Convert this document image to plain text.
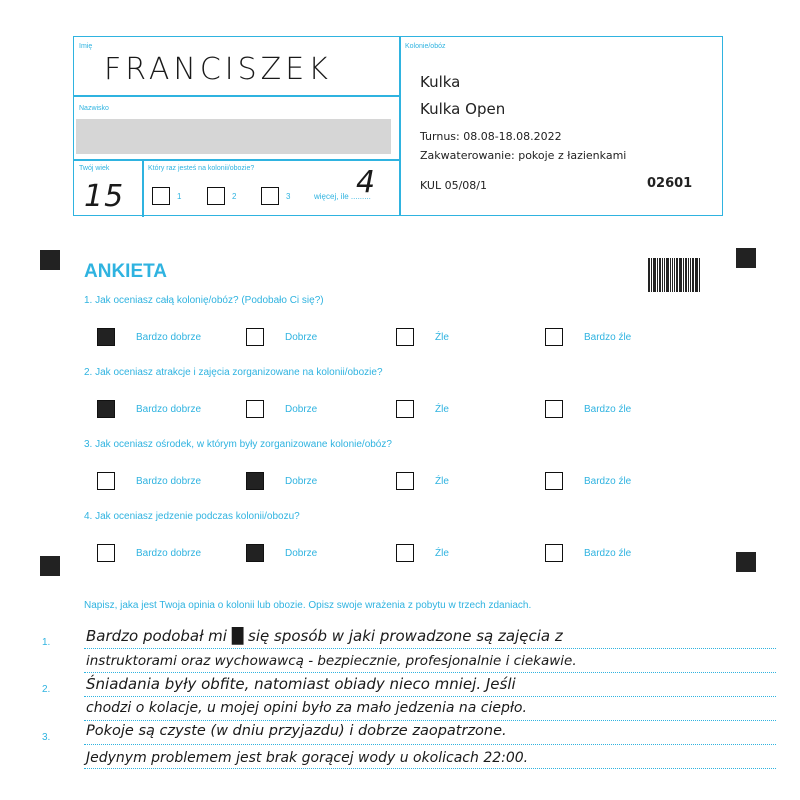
Imię
FRANCISZEK
Nazwisko
Twój wiek
15
Który raz jesteś na kolonii/obozie?
1	2	3	więcej, ile .........
4
Kolonie/obóz
Kulka
Kulka Open
Turnus: 08.08-18.08.2022
Zakwaterowanie: pokoje z łazienkami
KUL 05/08/1	02601
ANKIETA
1. Jak oceniasz całą kolonię/obóz? (Podobało Ci się?)
Bardzo dobrze	Dobrze	Źle	Bardzo źle
2. Jak oceniasz atrakcje i zajęcia zorganizowane na kolonii/obozie?
Bardzo dobrze	Dobrze	Źle	Bardzo źle
3. Jak oceniasz ośrodek, w którym były zorganizowane kolonie/obóz?
Bardzo dobrze	Dobrze	Źle	Bardzo źle
4. Jak oceniasz jedzenie podczas kolonii/obozu?
Bardzo dobrze	Dobrze	Źle	Bardzo źle
Napisz, jaka jest Twoja opinia o kolonii lub obozie. Opisz swoje wrażenia z pobytu w trzech zdaniach.
1.
2.
3.
Bardzo podobał mi █ się sposób w jaki prowadzone są zajęcia z
instruktorami oraz wychowawcą - bezpiecznie, profesjonalnie i ciekawie.
Śniadania były obfite, natomiast obiady nieco mniej. Jeśli
chodzi o kolacje, u mojej opini było za mało jedzenia na ciepło.
Pokoje są czyste (w dniu przyjazdu) i dobrze zaopatrzone.
Jedynym problemem jest brak gorącej wody u okolicach 22:00.
